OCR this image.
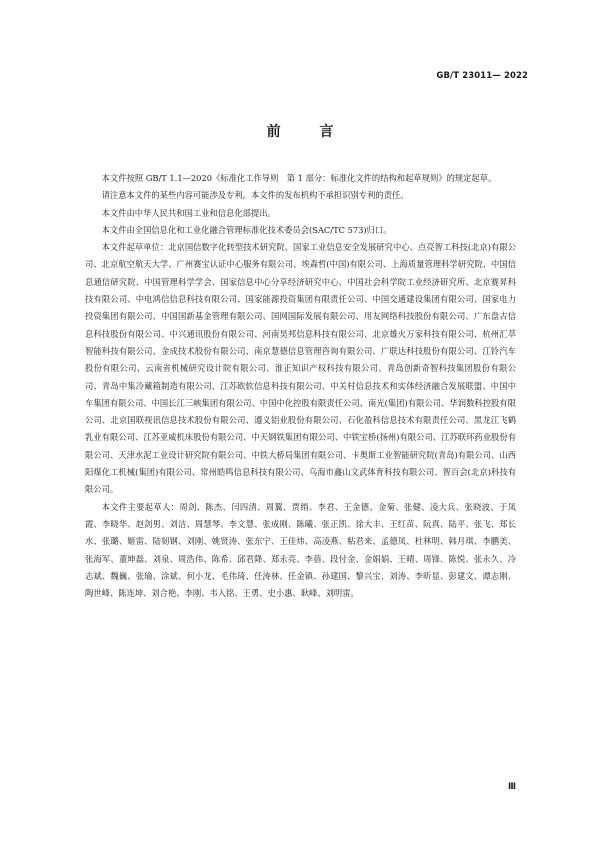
GB/T 23011— 2022
前 言

本文件按照 GB/T 1.1—2020《标准化工作导则　第 1 部分：标准化文件的结构和起草规则》的规定起草。

请注意本文件的某些内容可能涉及专利。本文件的发布机构不承担识别专利的责任。

本文件由中华人民共和国工业和信息化部提出。

本文件由全国信息化和工业化融合管理标准化技术委员会(SAC/TC 573)归口。

本文件起草单位：北京国信数字化转型技术研究院、国家工业信息安全发展研究中心、点亮智工科技(北京)有限公司、北京航空航天大学、广州赛宝认证中心服务有限公司、埃森哲(中国)有限公司、上海质量管理科学研究院、中国信息通信研究院、中国管理科学学会、国家信息中心分享经济研究中心、中国社会科学院工业经济研究所、北京赛昇科技有限公司、中电鸿信信息科技有限公司、国家能源投资集团有限责任公司、中国交通建设集团有限公司、国家电力投资集团有限公司、中国国新基金管理有限公司、国网国际发展有限公司、用友网络科技股份有限公司、广东盘古信息科技股份有限公司、中兴通讯股份有限公司、河南昊邦信息科技有限公司、北京雄火万家科技有限公司、杭州汇萃智能科技有限公司、金成技术股份有限公司、南京慧德信息管理咨询有限公司、广联达科技股份有限公司、江铃汽车股份有限公司、云南省机械研究设计院有限公司、淮正知识产权科技有限公司、青岛创新奇智科技集团股份有限公司、青岛中集冷藏箱制造有限公司、江苏欧软信息科技有限公司、中关村信息技术和实体经济融合发展联盟、中国中车集团有限公司、中国长江三峡集团有限公司、中国中化控股有限责任公司、南光(集团)有限公司、华润数科控股有限公司、北京国联视讯信息技术股份有限公司、遵义铝业股份有限公司、石化盈科信息技术有限责任公司、黑龙江飞鹤乳业有限公司、江苏亚威机床股份有限公司、中天钢铁集团有限公司、中铁宝桥(扬州)有限公司、江苏联环药业股份有限公司、天津水泥工业设计研究院有限公司、中铁大桥局集团有限公司、卡奥斯工业智能研究院(青岛)有限公司、山西阳煤化工机械(集团)有限公司、常州皓鸣信息科技有限公司、乌海市鑫山文武体育科技有限公司、智百会(北京)科技有限公司。

本文件主要起草人：周剑、陈杰、闫四清、周翼、贾绡、李君、王金德、金菊、张健、凌大兵、张晓波、于凤霞、李晓华、赵剑男、刘洁、周慧琴、李文慧、张成刚、陈曦、张正凯、徐大丰、王红苗、阮真、陆平、张飞、郑长水、张璐、姬雷、陆韧钢、刘刚、姚贤涛、张东宁、王佳炜、高凌燕、粘君来、孟德凤、杜林明、韩月琪、李鹏美、张海军、董坤磊、刘泉、周浩伟、陈希、邱君降、郑永亮、李蓓、段付金、金娟娟、王晴、周锋、陈悦、张永久、冷志斌、魏巍、张瑜、涂斌、何小龙、毛伟琦、任涛林、任金镇、孙建国、黎兴宝、刘涛、李昕显、彭建文、谭志刚、陶世峰、陈连坤、刘合艳、李刚、韦入铭、王勇、史小惠、耿峰、刘明雷。

Ⅲ
